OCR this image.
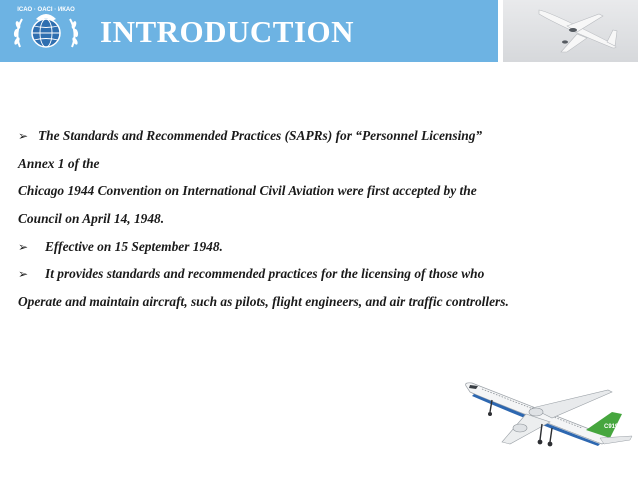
ICAO · OACI · ИКАО
INTRODUCTION
➢ The Standards and Recommended Practices (SAPRs) for “Personnel Licensing”
Annex 1 of the
Chicago 1944 Convention on International Civil Aviation were first accepted by the
Council on April 14, 1948.
➢ Effective on 15 September 1948.
➢ It provides standards and recommended practices for the licensing of those who
Operate and maintain aircraft, such as pilots, flight engineers, and air traffic controllers.
C919
